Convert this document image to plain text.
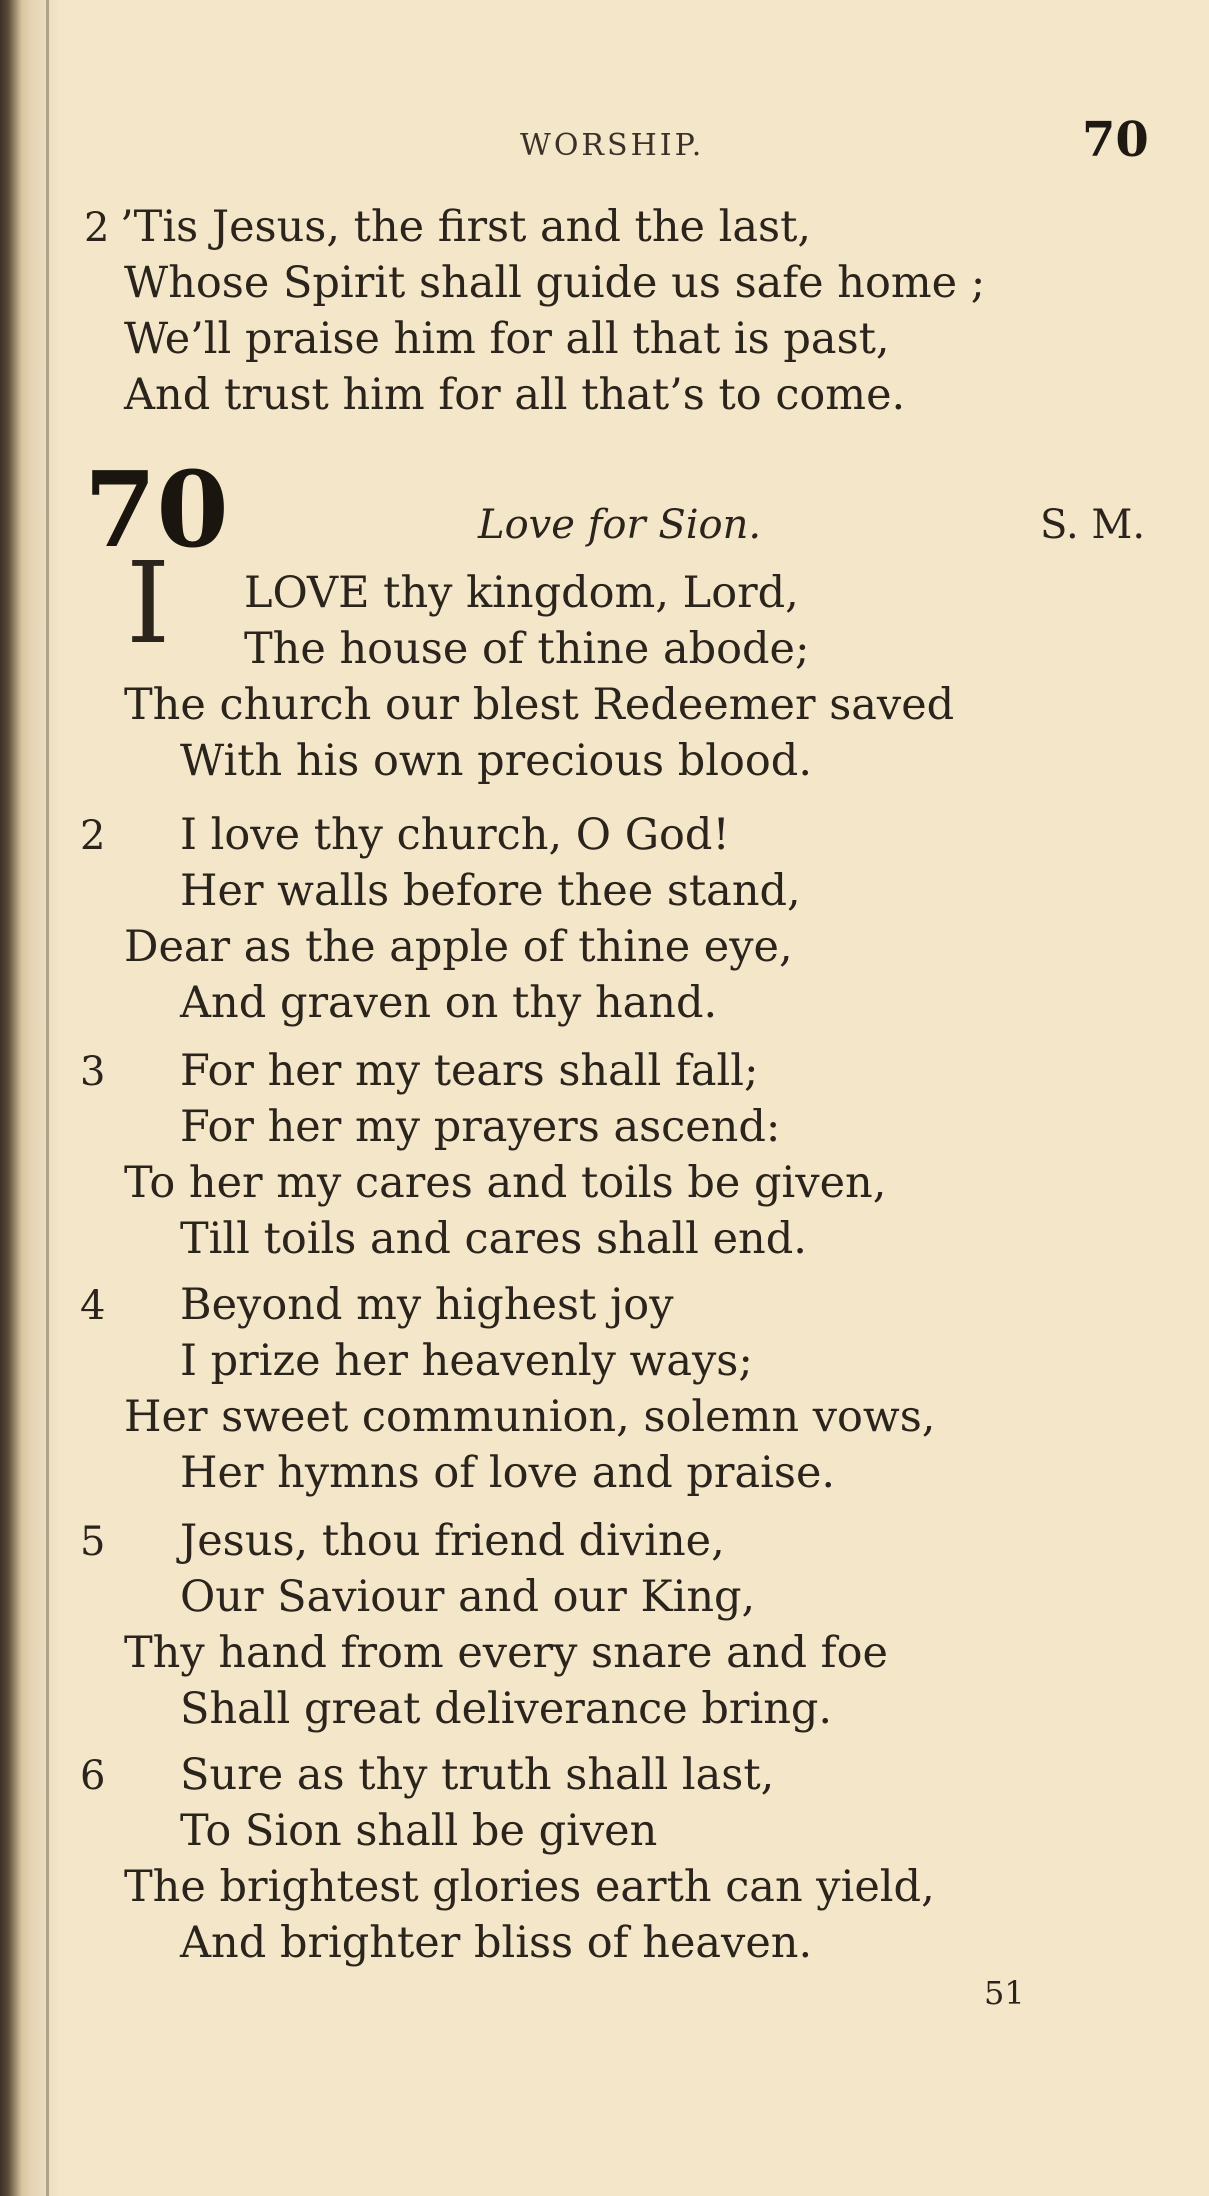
WORSHIP.	70
2 ’Tis Jesus, the first and the last,
Whose Spirit shall guide us safe home ;
We’ll praise him for all that is past,
And trust him for all that’s to come.
70	Love for Sion.	S. M.
I LOVE thy kingdom, Lord,
The house of thine abode;
The church our blest Redeemer saved
With his own precious blood.
2 I love thy church, O God!
Her walls before thee stand,
Dear as the apple of thine eye,
And graven on thy hand.
3 For her my tears shall fall;
For her my prayers ascend:
To her my cares and toils be given,
Till toils and cares shall end.
4 Beyond my highest joy
I prize her heavenly ways;
Her sweet communion, solemn vows,
Her hymns of love and praise.
5 Jesus, thou friend divine,
Our Saviour and our King,
Thy hand from every snare and foe
Shall great deliverance bring.
6 Sure as thy truth shall last,
To Sion shall be given
The brightest glories earth can yield,
And brighter bliss of heaven.
51
